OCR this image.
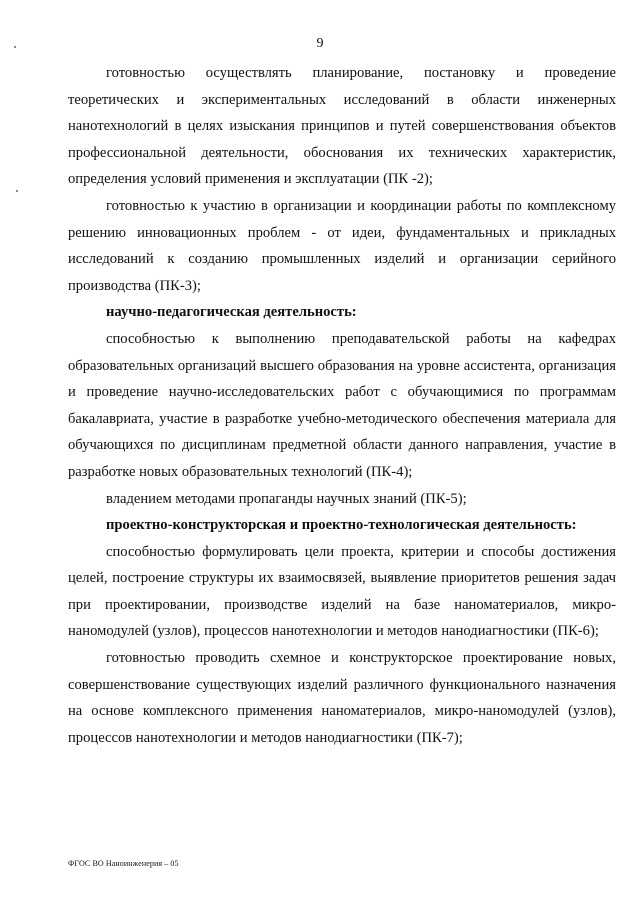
9

готовностью осуществлять планирование, постановку и проведение теоретических и экспериментальных исследований в области инженерных нанотехнологий в целях изыскания принципов и путей совершенствования объектов профессиональной деятельности, обоснования их технических характеристик, определения условий применения и эксплуатации (ПК -2);

готовностью к участию в организации и координации работы по комплексному решению инновационных проблем - от идеи, фундаментальных и прикладных исследований к созданию промышленных изделий и организации серийного производства (ПК-3);

научно-педагогическая деятельность:

способностью к выполнению преподавательской работы на кафедрах образовательных организаций высшего образования на уровне ассистента, организация и проведение научно-исследовательских работ с обучающимися по программам бакалавриата, участие в разработке учебно-методического обеспечения материала для обучающихся по дисциплинам предметной области данного направления, участие в разработке новых образовательных технологий (ПК-4);

владением методами пропаганды научных знаний (ПК-5);

проектно-конструкторская и проектно-технологическая деятельность:

способностью формулировать цели проекта, критерии и способы достижения целей, построение структуры их взаимосвязей, выявление приоритетов решения задач при проектировании, производстве изделий на базе наноматериалов, микро-наномодулей (узлов), процессов нанотехнологии и методов нанодиагностики (ПК-6);

готовностью проводить схемное и конструкторское проектирование новых, совершенствование существующих изделий различного функционального назначения на основе комплексного применения наноматериалов, микро-наномодулей (узлов), процессов нанотехнологии и методов нанодиагностики (ПК-7);

ФГОС ВО Наноинженерия – 05
